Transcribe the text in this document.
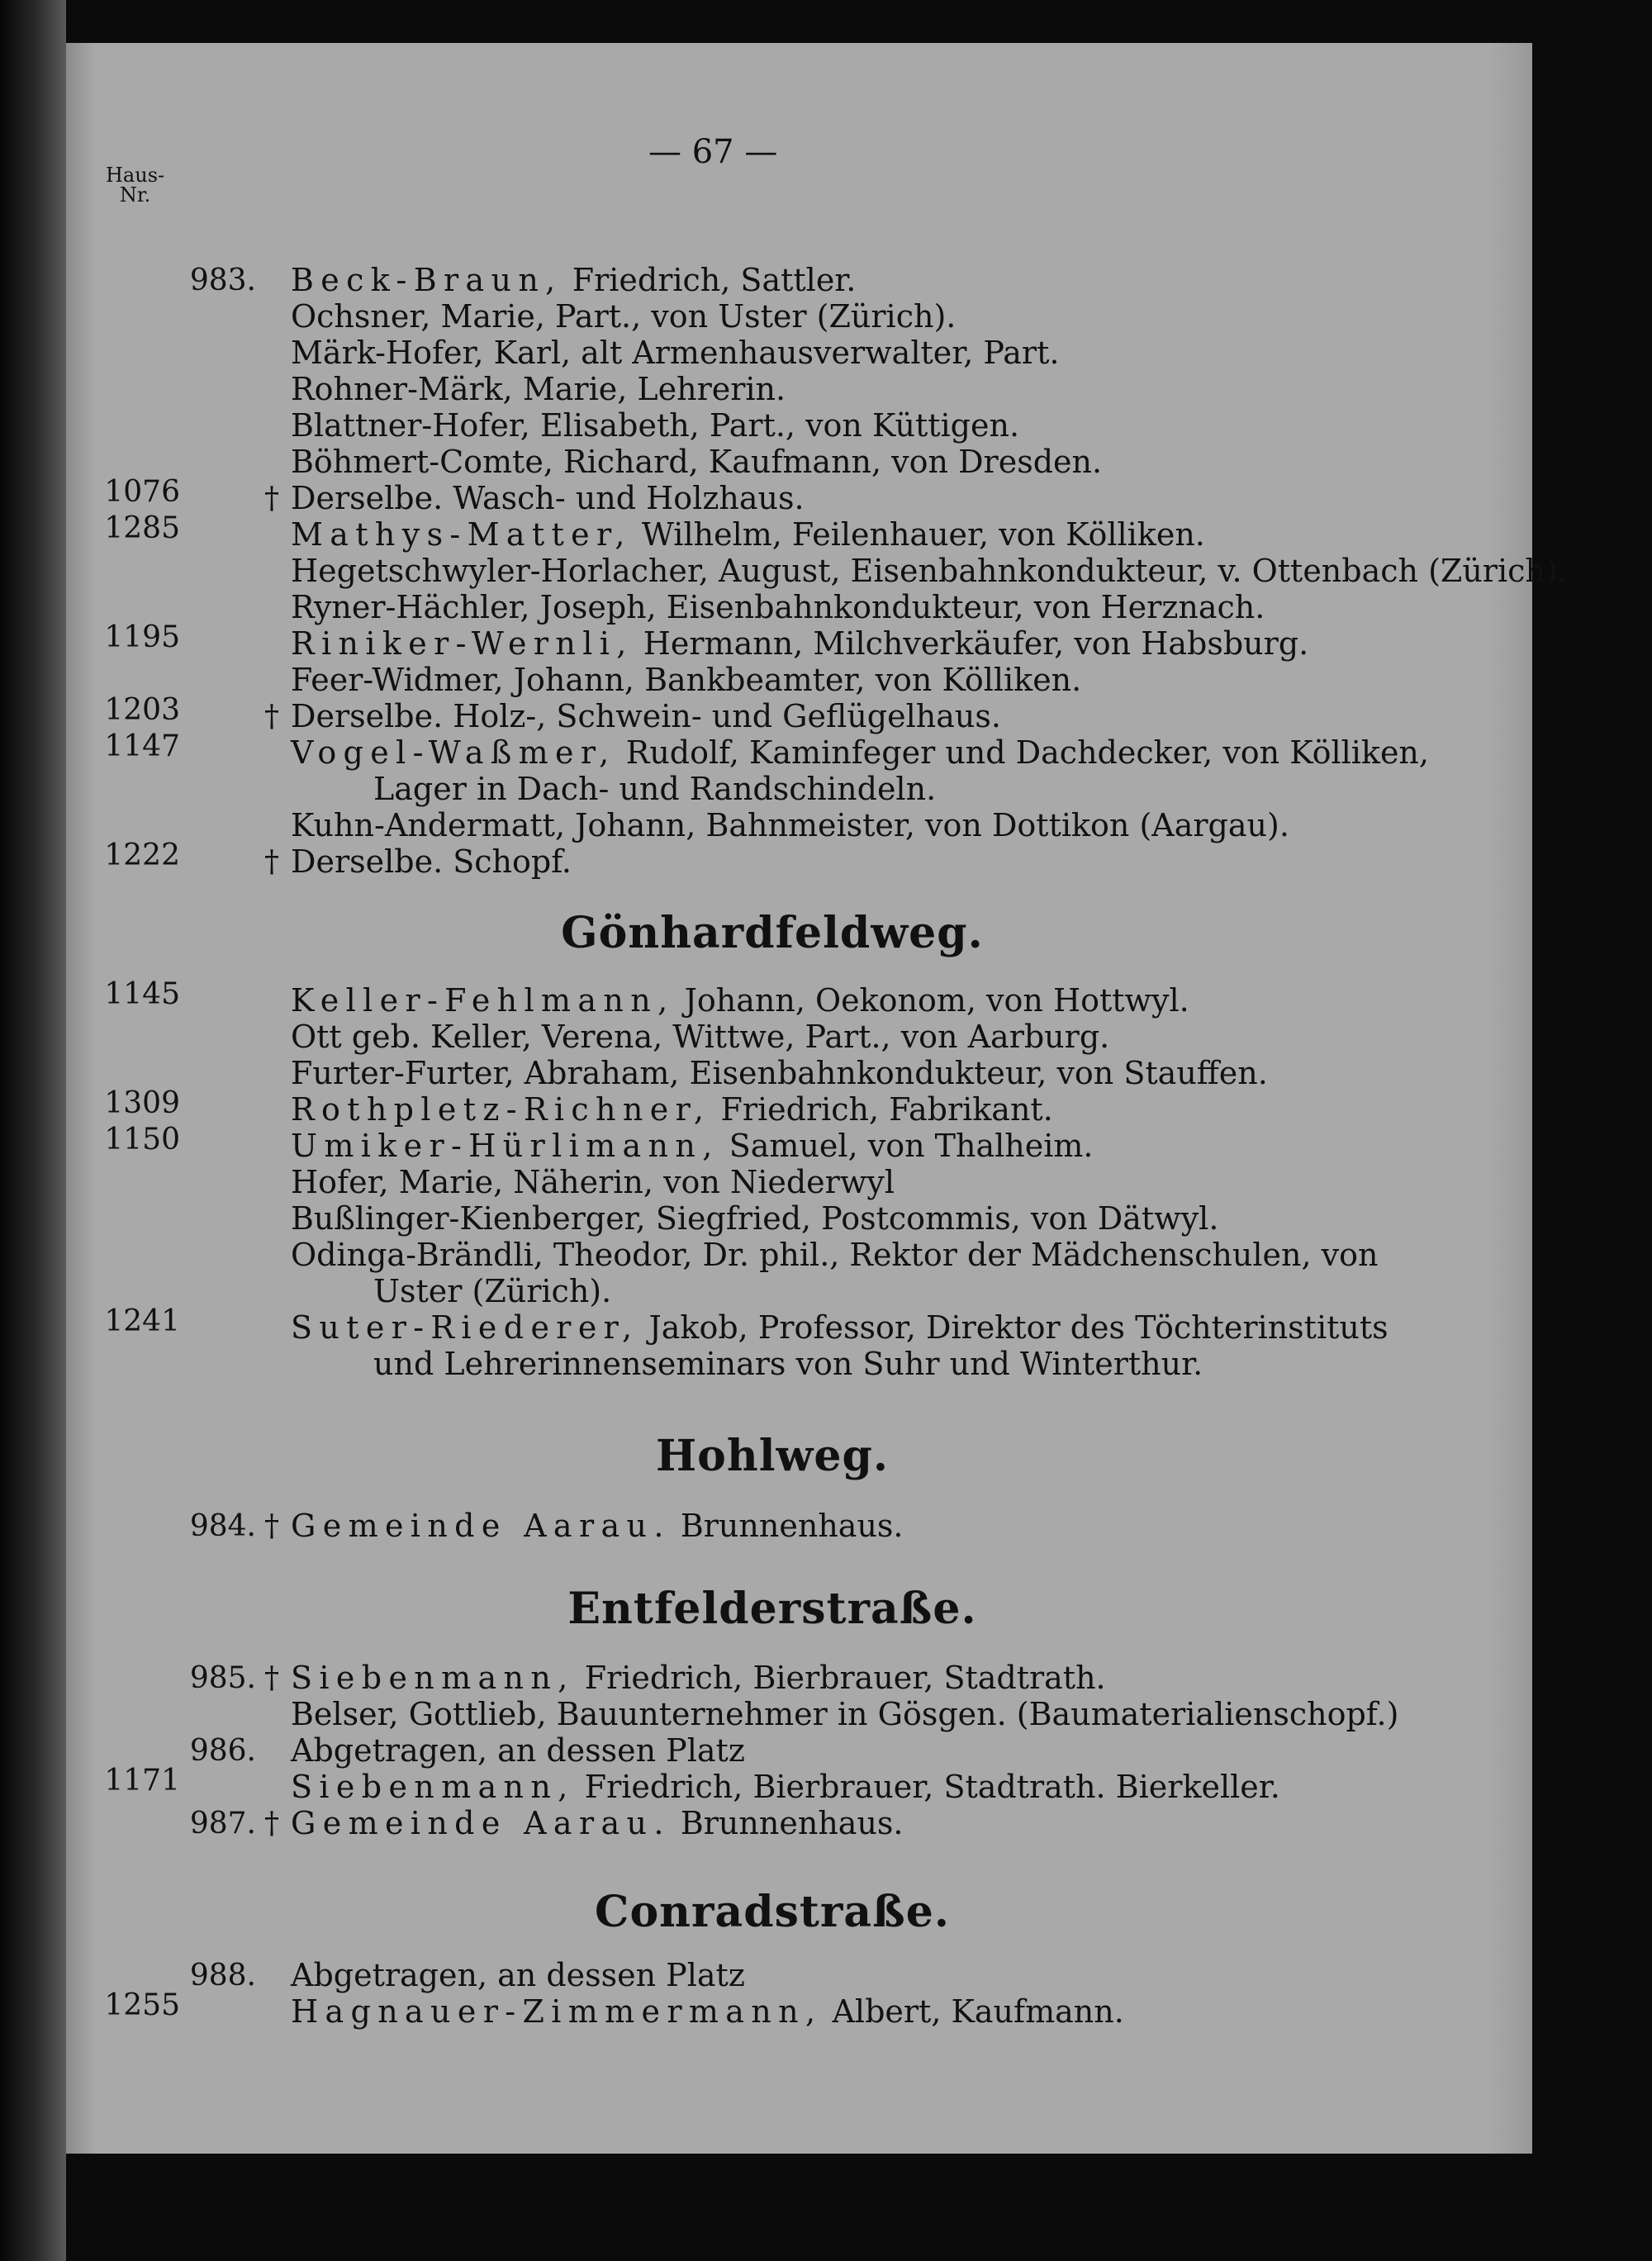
— 67 —
Haus-
Nr.
983. Beck-Braun, Friedrich, Sattler.
Ochsner, Marie, Part., von Uster (Zürich).
Märk-Hofer, Karl, alt Armenhausverwalter, Part.
Rohner-Märk, Marie, Lehrerin.
Blattner-Hofer, Elisabeth, Part., von Küttigen.
Böhmert-Comte, Richard, Kaufmann, von Dresden.
1076	† Derselbe. Wasch- und Holzhaus.
1285	Mathys-Matter, Wilhelm, Feilenhauer, von Kölliken.
Hegetschwyler-Horlacher, August, Eisenbahnkondukteur, v. Ottenbach (Zürich).
Ryner-Hächler, Joseph, Eisenbahnkondukteur, von Herznach.
1195	Riniker-Wernli, Hermann, Milchverkäufer, von Habsburg.
Feer-Widmer, Johann, Bankbeamter, von Kölliken.
1203	† Derselbe. Holz-, Schwein- und Geflügelhaus.
1147	Vogel-Waßmer, Rudolf, Kaminfeger und Dachdecker, von Kölliken,
Lager in Dach- und Randschindeln.
Kuhn-Andermatt, Johann, Bahnmeister, von Dottikon (Aargau).
1222	† Derselbe. Schopf.
Gönhardfeldweg.
1145	Keller-Fehlmann, Johann, Oekonom, von Hottwyl.
Ott geb. Keller, Verena, Wittwe, Part., von Aarburg.
Furter-Furter, Abraham, Eisenbahnkondukteur, von Stauffen.
1309	Rothpletz-Richner, Friedrich, Fabrikant.
1150	Umiker-Hürlimann, Samuel, von Thalheim.
Hofer, Marie, Näherin, von Niederwyl
Bußlinger-Kienberger, Siegfried, Postcommis, von Dätwyl.
Odinga-Brändli, Theodor, Dr. phil., Rektor der Mädchenschulen, von
Uster (Zürich).
1241	Suter-Riederer, Jakob, Professor, Direktor des Töchterinstituts
und Lehrerinnenseminars von Suhr und Winterthur.
Hohlweg.
984. † Gemeinde Aarau. Brunnenhaus.
Entfelderstraße.
985. † Siebenmann, Friedrich, Bierbrauer, Stadtrath.
Belser, Gottlieb, Bauunternehmer in Gösgen. (Baumaterialienschopf.)
986. Abgetragen, an dessen Platz
1171	Siebenmann, Friedrich, Bierbrauer, Stadtrath. Bierkeller.
987. † Gemeinde Aarau. Brunnenhaus.
Conradstraße.
988. Abgetragen, an dessen Platz
1255	Hagnauer-Zimmermann, Albert, Kaufmann.
